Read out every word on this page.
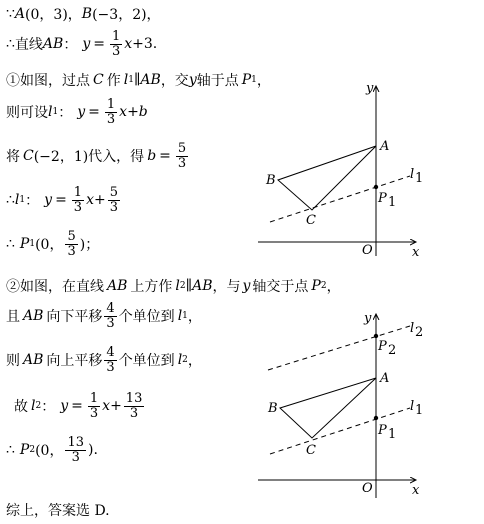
∵ A (0，3)， B (−3，2)，
∴ 直线 AB ： $y = \frac{1}{3}$ x +3.
①如图，过点 C 作 l 1 ∥ AB ，交 y 轴于点 P 1 ，
则可设 l 1 ： $y = \frac{1}{3}$ x + b
将 C (−2，1)代入，得 $b = \frac{5}{3}$
∴ l 1 ： $y = \frac{1}{3}$ $x + \frac{5}{3}$
∴ P 1 (0， $\frac{5}{3}$ )；
②如图，在直线 AB 上方作 l 2 ∥ AB ，与 y 轴交于点 P 2 ，
且 AB 向下平移 $\frac{4}{3}$ 个单位到 l 1 ，
则 AB 向上平移 $\frac{4}{3}$ 个单位到 l 2 ，
故 l 2 ： $y = \frac{1}{3}$ $x + \frac{13}{3}$
∴ P 2 (0， $\frac{13}{3}$ ).
综上，答案选 D.
y
x
O
A
B
C
P 1
l 1
y
x
O
A
B
C
P 2
P 1
l 2
l 1
